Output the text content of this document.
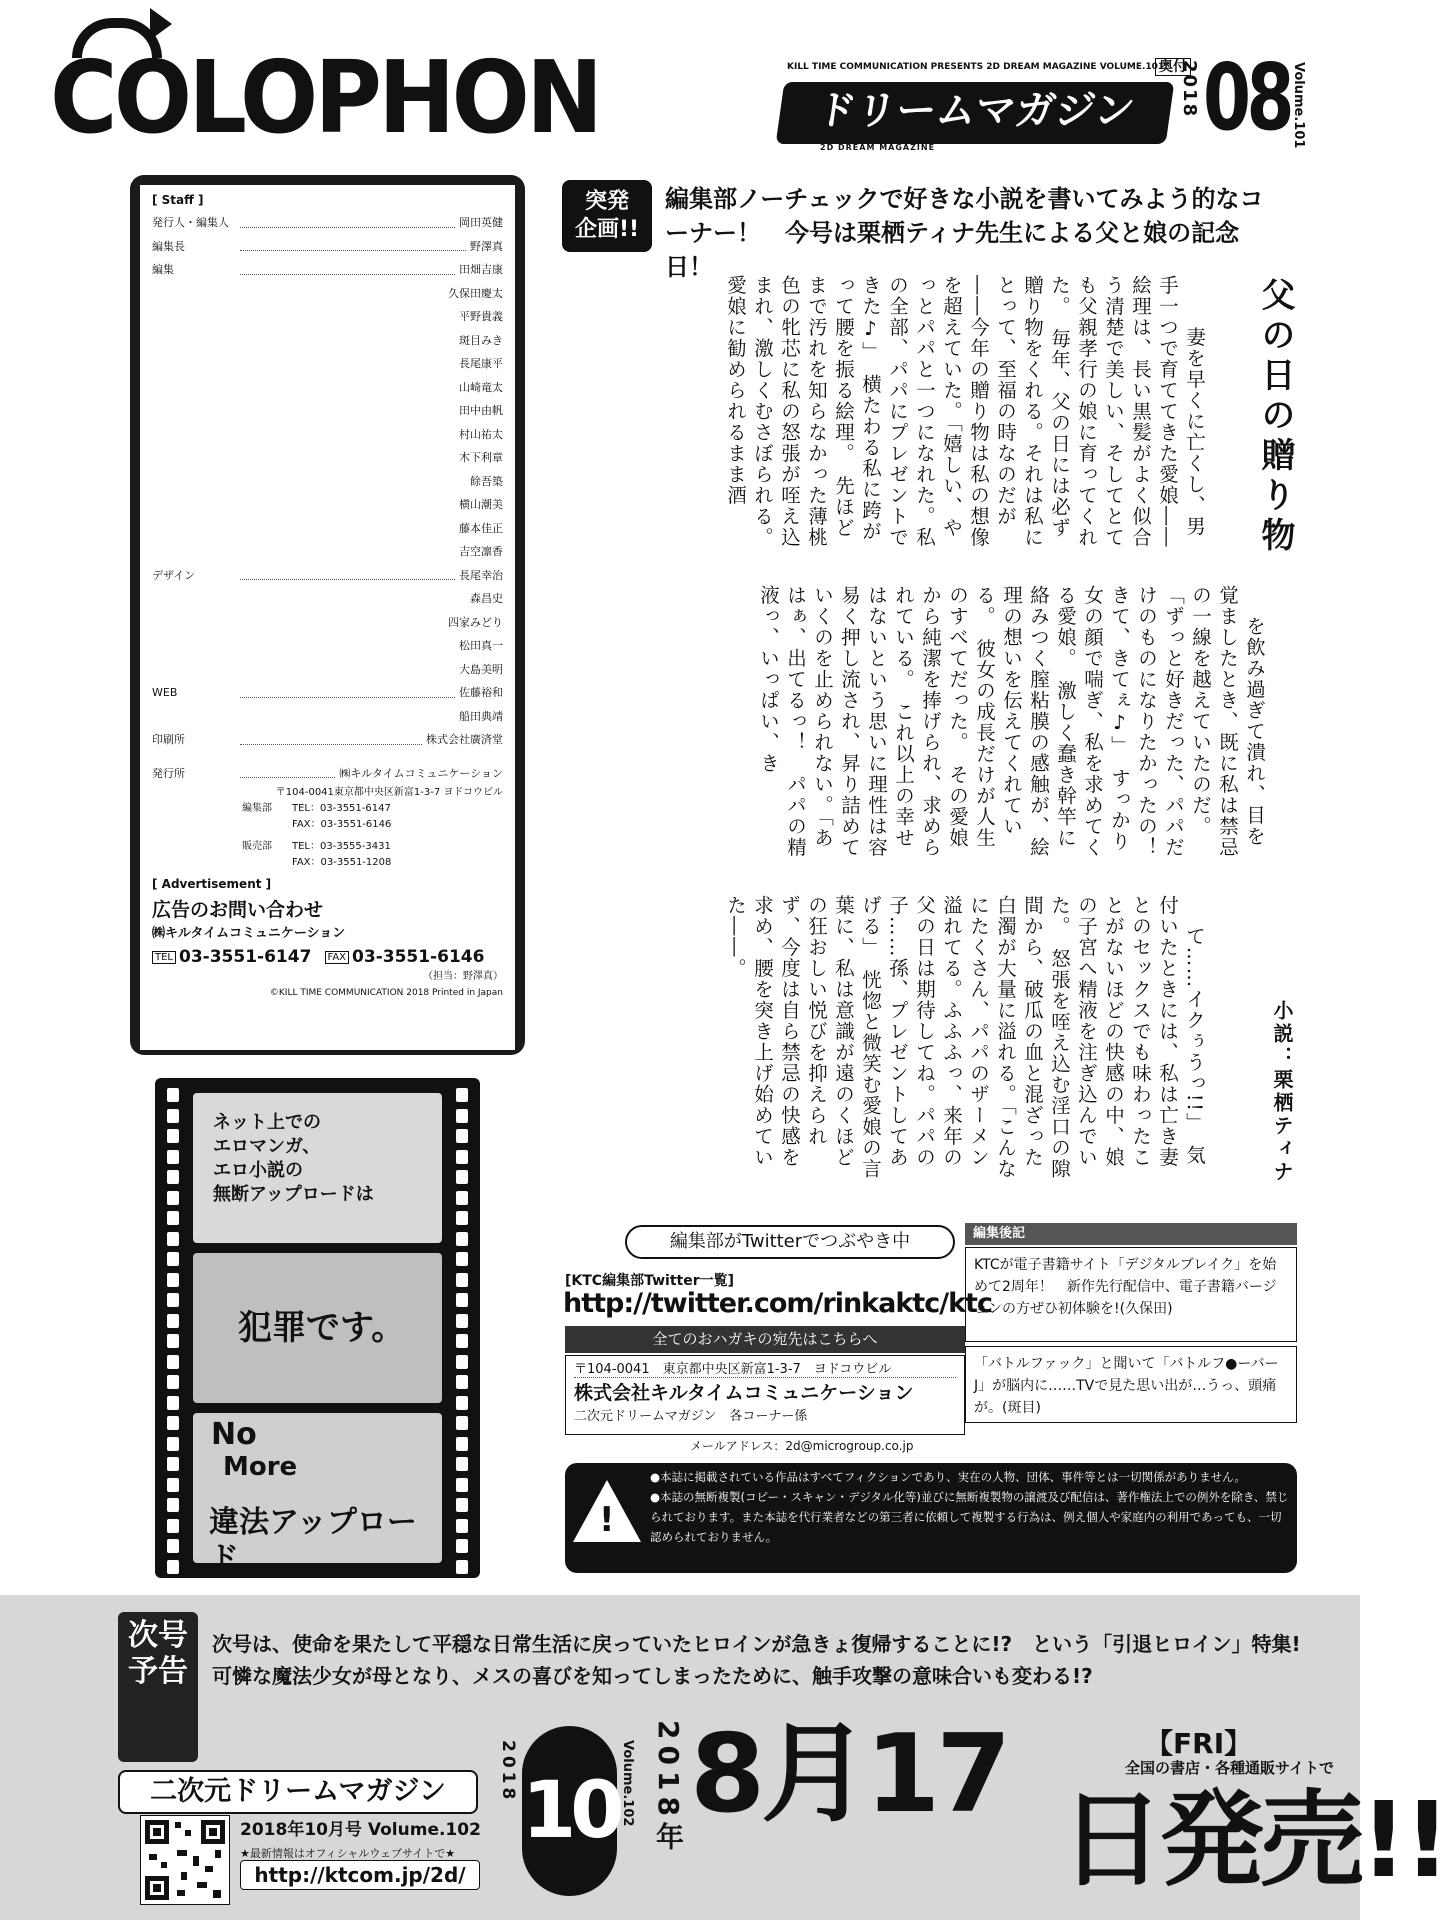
COLOPHON	KILL TIME COMMUNICATION PRESENTS 2D DREAM MAGAZINE VOLUME.101
奥付
ドリームマガジン
2D DREAM MAGAZINE
2018 08 Volume.101
[ Staff ]
発行人・編集人	岡田英健
編集長	野澤真
編集	田畑吉康
久保田慶太
平野貴義
斑目みき
長尾康平
山崎竜太
田中由帆
村山祐太
木下利章
餘吾築
横山潮美
藤本佳正
吉空凛香
デザイン	長尾幸治
森昌史
四家みどり
松田真一
大島美明
WEB	佐藤裕和
船田典靖
印刷所	株式会社廣済堂
発行所	㈱キルタイムコミュニケーション
〒104-0041東京都中央区新富1-3-7 ヨドコウビル
編集部	TEL：03-3551-6147
FAX：03-3551-6146
販売部	TEL：03-3555-3431
FAX：03-3551-1208
[ Advertisement ]
広告のお問い合わせ
㈱キルタイムコミュニケーション
TEL 03-3551-6147 FAX 03-3551-6146
（担当：野澤真）
©KILL TIME COMMUNICATION 2018 Printed in Japan
ネット上での
エロマンガ、
エロ小説の
無断アップロードは
犯罪です。
No
More
違法アップロード
突発
企画!!
編集部ノーチェックで好きな小説を書いてみよう的なコーナー！　今号は栗栖ティナ先生による父と娘の記念日！
父の日の贈り物
小説：栗栖ティナ

　妻を早くに亡くし、男手一つで育ててきた愛娘――絵理は、長い黒髪がよく似合う清楚で美しい、そしてとても父親孝行の娘に育ってくれた。　毎年、父の日には必ず贈り物をくれる。それは私にとって、至福の時なのだが――今年の贈り物は私の想像を超えていた。「嬉しい、やっとパパと一つになれた。私の全部、パパにプレゼントできた♪」　横たわる私に跨がって腰を振る絵理。　先ほどまで汚れを知らなかった薄桃色の牝芯に私の怒張が咥え込まれ、激しくむさぼられる。　愛娘に勧められるまま酒

を飲み過ぎて潰れ、目を覚ましたとき、既に私は禁忌の一線を越えていたのだ。「ずっと好きだった、パパだけのものになりたかったの！　きて、きてぇ♪」　すっかり女の顔で喘ぎ、私を求めてくる愛娘。　激しく蠢き幹竿に絡みつく膣粘膜の感触が、絵理の想いを伝えてくれている。　彼女の成長だけが人生のすべてだった。　その愛娘から純潔を捧げられ、求められている。　これ以上の幸せはないという思いに理性は容易く押し流され、昇り詰めていくのを止められない。「あはぁ、出てるっ！　パパの精液っ、いっぱい、き

て……イクぅうっ!!」　気付いたときには、私は亡き妻とのセックスでも味わったことがないほどの快感の中、娘の子宮へ精液を注ぎ込んでいた。　怒張を咥え込む淫口の隙間から、破瓜の血と混ざった白濁が大量に溢れる。「こんなにたくさん、パパのザーメン溢れてる。ふふふっ、来年の父の日は期待してね。パパの子……孫、プレゼントしてあげる」　恍惚と微笑む愛娘の言葉に、私は意識が遠のくほどの狂おしい悦びを抑えられず、今度は自ら禁忌の快感を求め、腰を突き上げ始めていた――。

編集部がTwitterでつぶやき中
[KTC編集部Twitter一覧]
http://twitter.com/rinkaktc/ktc
全てのおハガキの宛先はこちらへ
〒104-0041　東京都中央区新富1-3-7　ヨドコウビル
株式会社キルタイムコミュニケーション
二次元ドリームマガジン　各コーナー係
メールアドレス：2d@microgroup.co.jp
編集後記
KTCが電子書籍サイト「デジタルブレイク」を始めて2周年！　新作先行配信中、電子書籍バージョンの方ぜひ初体験を!(久保田)
「バトルファック」と聞いて「バトルフ●ーバーJ」が脳内に……TVで見た思い出が…うっ、頭痛が。(斑目)
!
●本誌に掲載されている作品はすべてフィクションであり、実在の人物、団体、事件等とは一切関係がありません。
●本誌の無断複製(コピー・スキャン・デジタル化等)並びに無断複製物の譲渡及び配信は、著作権法上での例外を除き、禁じられております。また本誌を代行業者などの第三者に依頼して複製する行為は、例え個人や家庭内の利用であっても、一切認められておりません。
次号
予告
次号は、使命を果たして平穏な日常生活に戻っていたヒロインが急きょ復帰することに!?　という「引退ヒロイン」特集!　可憐な魔法少女が母となり、メスの喜びを知ってしまったために、触手攻撃の意味合いも変わる!?
二次元ドリームマガジン
2018年10月号 Volume.102
★最新情報はオフィシャルウェブサイトで★
http://ktcom.jp/2d/
2018 10 Volume.102 2018年 8月17	【FRI】
全国の書店・各種通販サイトで
日発売!!
